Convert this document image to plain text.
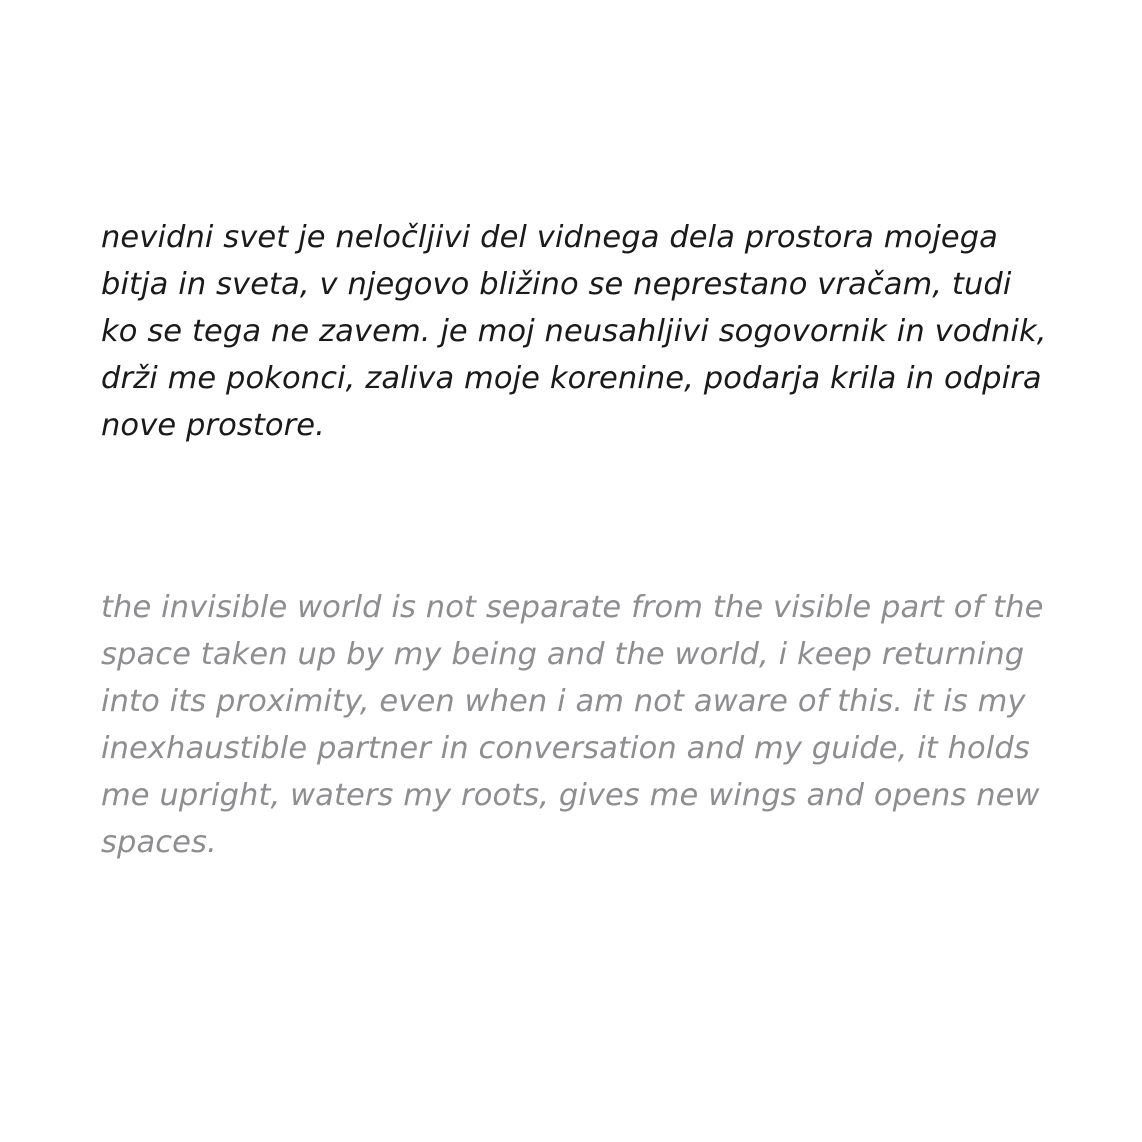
nevidni svet je neločljivi del vidnega dela prostora mojega bitja in sveta, v njegovo bližino se neprestano vračam, tudi ko se tega ne zavem. je moj neusahljivi sogovornik in vodnik, drži me pokonci, zaliva moje korenine, podarja krila in odpira nove prostore.

the invisible world is not separate from the visible part of the space taken up by my being and the world, i keep returning into its proximity, even when i am not aware of this. it is my inexhaustible partner in conversation and my guide, it holds me upright, waters my roots, gives me wings and opens new spaces.
